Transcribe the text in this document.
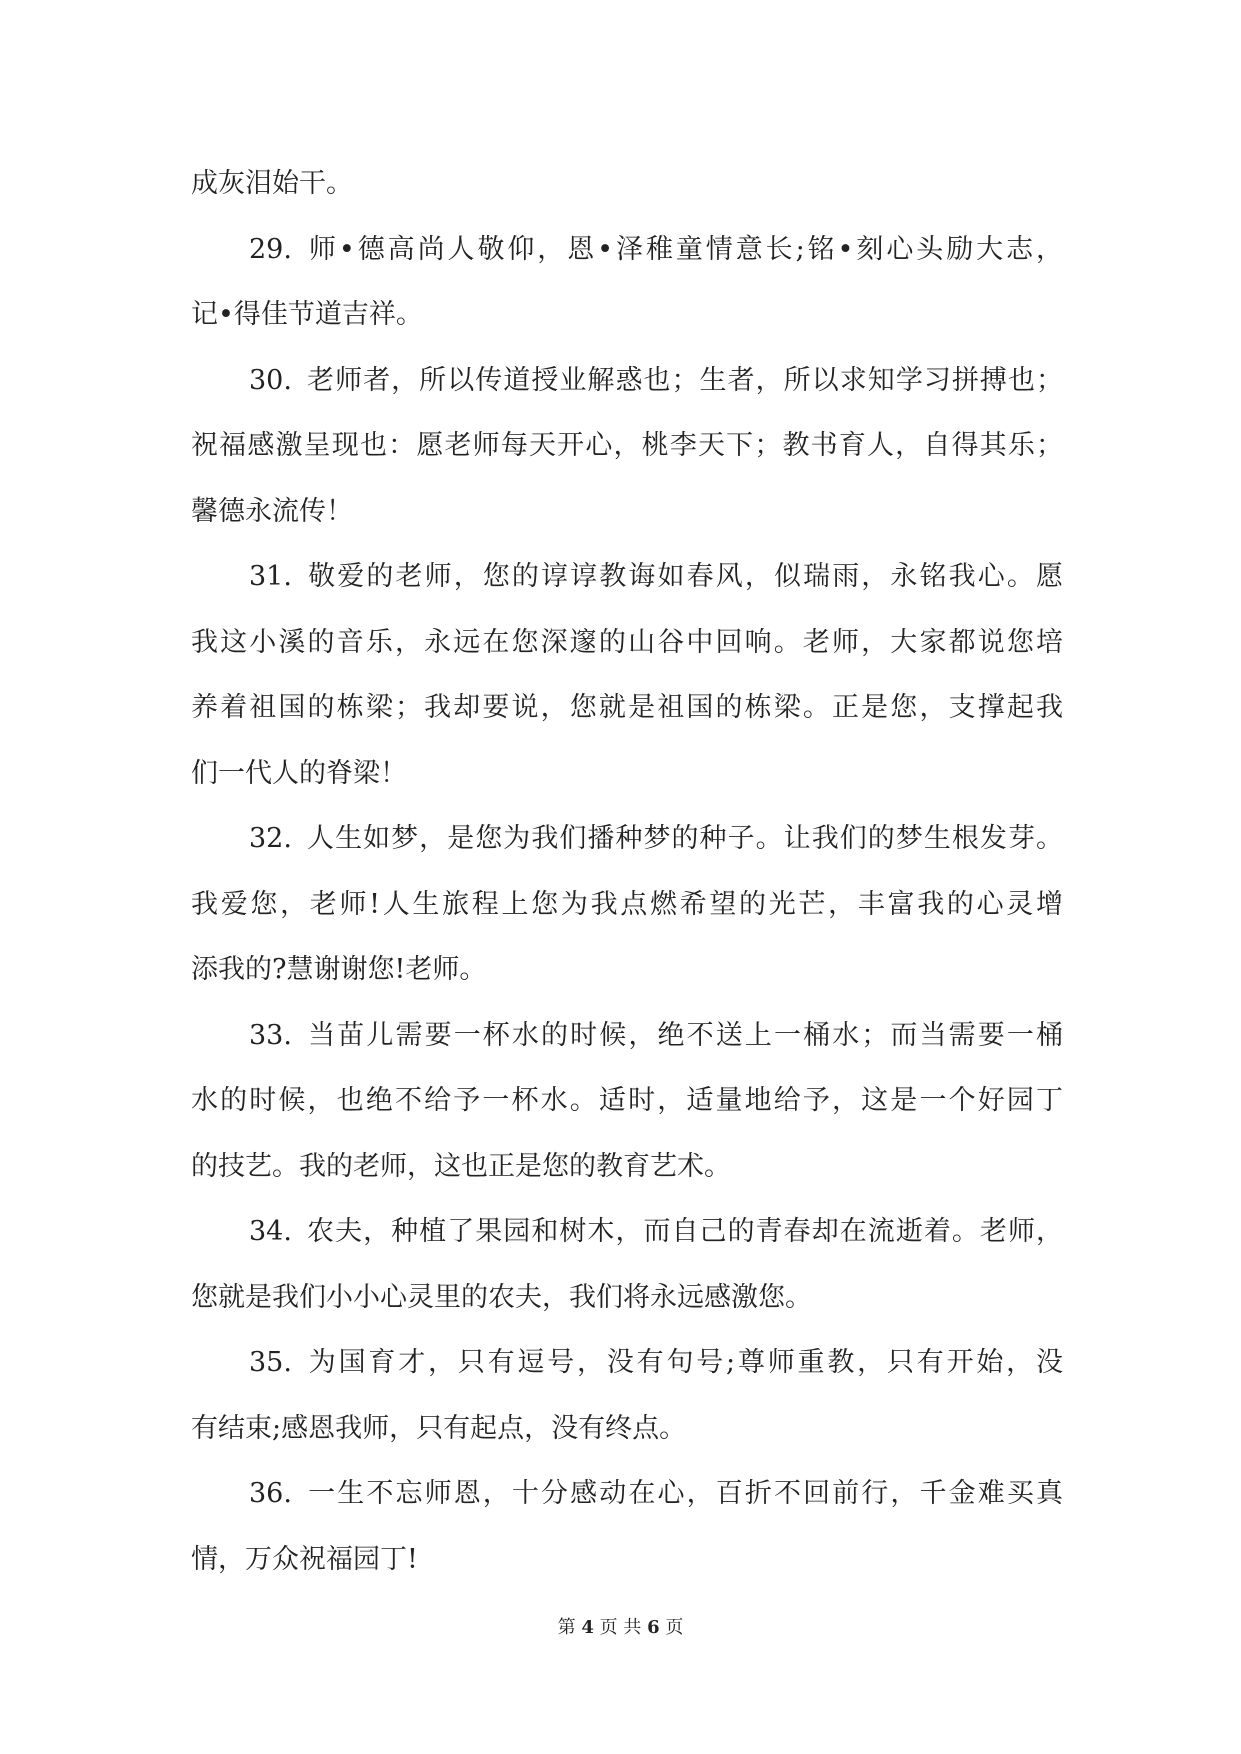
成灰泪始干。
29. 师•德高尚人敬仰，恩•泽稚童情意长;铭•刻心头励大志，
记•得佳节道吉祥。
30. 老师者，所以传道授业解惑也；生者，所以求知学习拼搏也；
祝福感激呈现也：愿老师每天开心，桃李天下；教书育人，自得其乐；
馨德永流传！
31. 敬爱的老师，您的谆谆教诲如春风，似瑞雨，永铭我心。愿
我这小溪的音乐，永远在您深邃的山谷中回响。老师，大家都说您培
养着祖国的栋梁；我却要说，您就是祖国的栋梁。正是您，支撑起我
们一代人的脊梁！
32. 人生如梦，是您为我们播种梦的种子。让我们的梦生根发芽。
我爱您，老师!人生旅程上您为我点燃希望的光芒，丰富我的心灵增
添我的?慧谢谢您!老师。
33. 当苗儿需要一杯水的时候，绝不送上一桶水；而当需要一桶
水的时候，也绝不给予一杯水。适时，适量地给予，这是一个好园丁
的技艺。我的老师，这也正是您的教育艺术。
34. 农夫，种植了果园和树木，而自己的青春却在流逝着。老师，
您就是我们小小心灵里的农夫，我们将永远感激您。
35. 为国育才，只有逗号，没有句号;尊师重教，只有开始，没
有结束;感恩我师，只有起点，没有终点。
36. 一生不忘师恩，十分感动在心，百折不回前行，千金难买真
情，万众祝福园丁!
第 4 页 共 6 页
